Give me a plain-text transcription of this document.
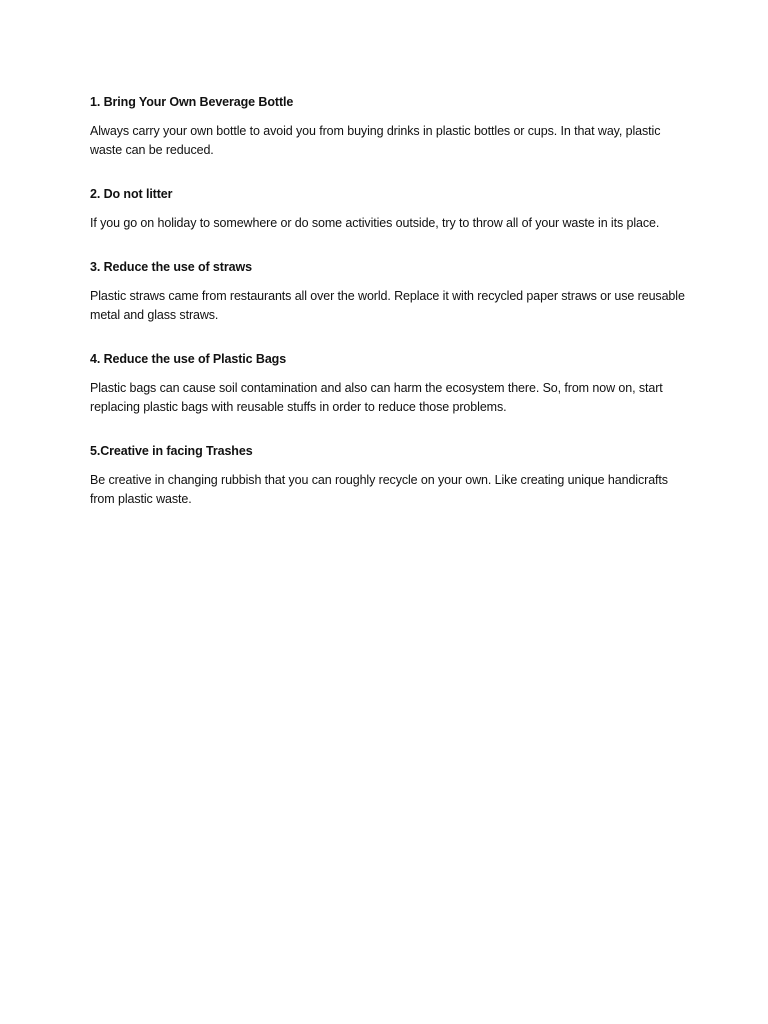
1. Bring Your Own Beverage Bottle

Always carry your own bottle to avoid you from buying drinks in plastic bottles or cups. In that way, plastic waste can be reduced.

2. Do not litter

If you go on holiday to somewhere or do some activities outside, try to throw all of your waste in its place.

3. Reduce the use of straws

Plastic straws came from restaurants all over the world. Replace it with recycled paper straws or use reusable metal and glass straws.

4. Reduce the use of Plastic Bags

Plastic bags can cause soil contamination and also can harm the ecosystem there. So, from now on, start replacing plastic bags with reusable stuffs in order to reduce those problems.

5.Creative in facing Trashes

Be creative in changing rubbish that you can roughly recycle on your own. Like creating unique handicrafts from plastic waste.
